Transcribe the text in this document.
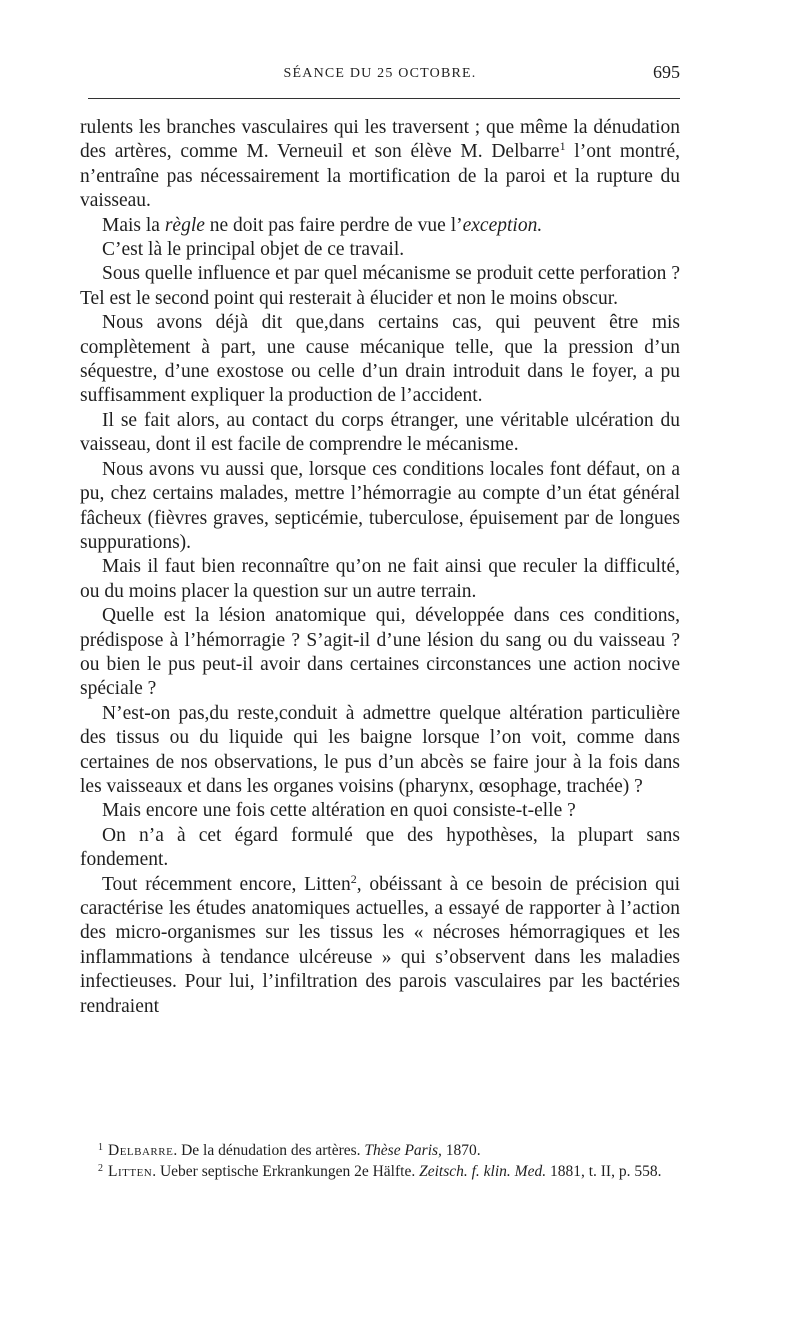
SÉANCE DU 25 OCTOBRE.	695

rulents les branches vasculaires qui les traversent ; que même la dénudation des artères, comme M. Verneuil et son élève M. Delbarre$^1$ l’ont montré, n’entraîne pas nécessairement la mortification de la paroi et la rupture du vaisseau.

Mais la règle ne doit pas faire perdre de vue l’exception.

C’est là le principal objet de ce travail.

Sous quelle influence et par quel mécanisme se produit cette perforation ? Tel est le second point qui resterait à élucider et non le moins obscur.

Nous avons déjà dit que,dans certains cas, qui peuvent être mis complètement à part, une cause mécanique telle, que la pression d’un séquestre, d’une exostose ou celle d’un drain introduit dans le foyer, a pu suffisamment expliquer la production de l’accident.

Il se fait alors, au contact du corps étranger, une véritable ulcération du vaisseau, dont il est facile de comprendre le mécanisme.

Nous avons vu aussi que, lorsque ces conditions locales font défaut, on a pu, chez certains malades, mettre l’hémorragie au compte d’un état général fâcheux (fièvres graves, septicémie, tuberculose, épuisement par de longues suppurations).

Mais il faut bien reconnaître qu’on ne fait ainsi que reculer la difficulté, ou du moins placer la question sur un autre terrain.

Quelle est la lésion anatomique qui, développée dans ces conditions, prédispose à l’hémorragie ? S’agit-il d’une lésion du sang ou du vaisseau ? ou bien le pus peut-il avoir dans certaines circonstances une action nocive spéciale ?

N’est-on pas,du reste,conduit à admettre quelque altération particulière des tissus ou du liquide qui les baigne lorsque l’on voit, comme dans certaines de nos observations, le pus d’un abcès se faire jour à la fois dans les vaisseaux et dans les organes voisins (pharynx, œsophage, trachée) ?

Mais encore une fois cette altération en quoi consiste-t-elle ?

On n’a à cet égard formulé que des hypothèses, la plupart sans fondement.

Tout récemment encore, Litten$^2$, obéissant à ce besoin de précision qui caractérise les études anatomiques actuelles, a essayé de rapporter à l’action des micro-organismes sur les tissus les « nécroses hémorragiques et les inflammations à tendance ulcéreuse » qui s’observent dans les maladies infectieuses. Pour lui, l’infiltration des parois vasculaires par les bactéries rendraient

$^1$ Delbarre. De la dénudation des artères. Thèse Paris, 1870.

$^2$ Litten. Ueber septische Erkrankungen 2e Hälfte. Zeitsch. f. klin. Med. 1881, t. II, p. 558.
